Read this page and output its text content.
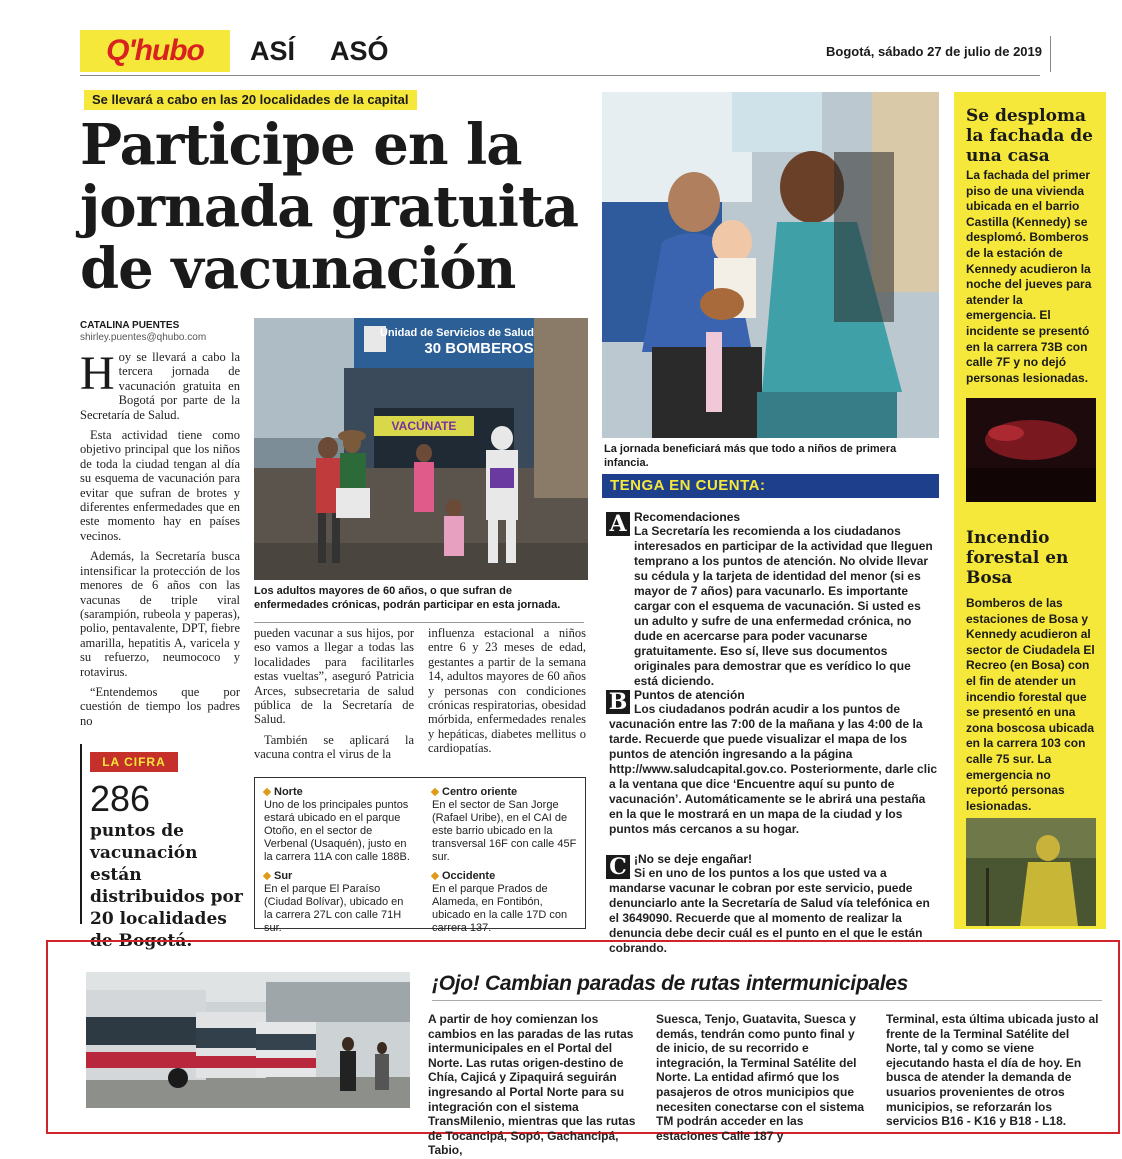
Q'hubo	ASÍ ASÓ	Bogotá, sábado 27 de julio de 2019
Se llevará a cabo en las 20 localidades de la capital
Participe en la jornada gratuita de vacunación
CATALINA PUENTES
shirley.puentes@qhubo.com

Hoy se llevará a cabo la tercera jornada de vacunación gratuita en Bogotá por parte de la Secretaría de Salud.

Esta actividad tiene como objetivo principal que los niños de toda la ciudad tengan al día su esquema de vacunación para evitar que sufran de brotes y diferentes enfermedades que en este momento hay en países vecinos.

Además, la Secretaría busca intensificar la protección de los menores de 6 años con las vacunas de triple viral (sarampión, rubeola y paperas), polio, pentavalente, DPT, fiebre amarilla, hepatitis A, varicela y su refuerzo, neumococo y rotavirus.

“Entendemos que por cuestión de tiempo los padres no

Unidad de Servicios de Salud
30 BOMBEROS
VACÚNATE
Los adultos mayores de 60 años, o que sufran de enfermedades crónicas, podrán participar en esta jornada.

pueden vacunar a sus hijos, por eso vamos a llegar a todas las localidades para facilitarles estas vueltas”, aseguró Patricia Arces, subsecretaria de salud pública de la Secretaría de Salud.

También se aplicará la vacuna contra el virus de la

influenza estacional a niños entre 6 y 23 meses de edad, gestantes a partir de la semana 14, adultos mayores de 60 años y personas con condiciones crónicas respiratorias, obesidad mórbida, enfermedades renales y hepáticas, diabetes mellitus o cardiopatías.

LA CIFRA
286
puntos de vacunación están distribuidos por 20 localidades de Bogotá.
Norte
Uno de los principales puntos estará ubicado en el parque Otoño, en el sector de Verbenal (Usaquén), justo en la carrera 11A con calle 188B.
Centro oriente
En el sector de San Jorge (Rafael Uribe), en el CAI de este barrio ubicado en la transversal 16F con calle 45F sur.
Sur
En el parque El Paraíso (Ciudad Bolívar), ubicado en la carrera 27L con calle 71H sur.
Occidente
En el parque Prados de Alameda, en Fontibón, ubicado en la calle 17D con carrera 137.
La jornada beneficiará más que todo a niños de primera infancia.
TENGA EN CUENTA:
A Recomendaciones
La Secretaría les recomienda a los ciudadanos interesados en participar de la actividad que lleguen temprano a los puntos de atención. No olvide llevar su cédula y la tarjeta de identidad del menor (si es mayor de 7 años) para vacunarlo. Es importante cargar con el esquema de vacunación. Si usted es un adulto y sufre de una enfermedad crónica, no dude en acercarse para poder vacunarse gratuitamente. Eso sí, lleve sus documentos originales para demostrar que es verídico lo que está diciendo.
B Puntos de atención
Los ciudadanos podrán acudir a los puntos de vacunación entre las 7:00 de la mañana y las 4:00 de la tarde. Recuerde que puede visualizar el mapa de los puntos de atención ingresando a la página http://www.saludcapital.gov.co. Posteriormente, darle clic a la ventana que dice ‘Encuentre aquí su punto de vacunación’. Automáticamente se le abrirá una pestaña en la que le mostrará en un mapa de la ciudad y los puntos más cercanos a su hogar.
C ¡No se deje engañar!
Si en uno de los puntos a los que usted va a mandarse vacunar le cobran por este servicio, puede denunciarlo ante la Secretaría de Salud vía telefónica en el 3649090. Recuerde que al momento de realizar la denuncia debe decir cuál es el punto en el que le están cobrando.
Se desploma la fachada de una casa
La fachada del primer piso de una vivienda ubicada en el barrio Castilla (Kennedy) se desplomó. Bomberos de la estación de Kennedy acudieron la noche del jueves para atender la emergencia. El incidente se presentó en la carrera 73B con calle 7F y no dejó personas lesionadas.
Incendio forestal en Bosa
Bomberos de las estaciones de Bosa y Kennedy acudieron al sector de Ciudadela El Recreo (en Bosa) con el fin de atender un incendio forestal que se presentó en una zona boscosa ubicada en la carrera 103 con calle 75 sur. La emergencia no reportó personas lesionadas.
¡Ojo! Cambian paradas de rutas intermunicipales
A partir de hoy comienzan los cambios en las paradas de las rutas intermunicipales en el Portal del Norte. Las rutas origen-destino de Chía, Cajicá y Zipaquirá seguirán ingresando al Portal Norte para su integración con el sistema TransMilenio, mientras que las rutas de Tocancipá, Sopó, Gachancipá, Tabio,
Suesca, Tenjo, Guatavita, Suesca y demás, tendrán como punto final y de inicio, de su recorrido e integración, la Terminal Satélite del Norte. La entidad afirmó que los pasajeros de otros municipios que necesiten conectarse con el sistema TM podrán acceder en las estaciones Calle 187 y
Terminal, esta última ubicada justo al frente de la Terminal Satélite del Norte, tal y como se viene ejecutando hasta el día de hoy. En busca de atender la demanda de usuarios provenientes de otros municipios, se reforzarán los servicios B16 - K16 y B18 - L18.
